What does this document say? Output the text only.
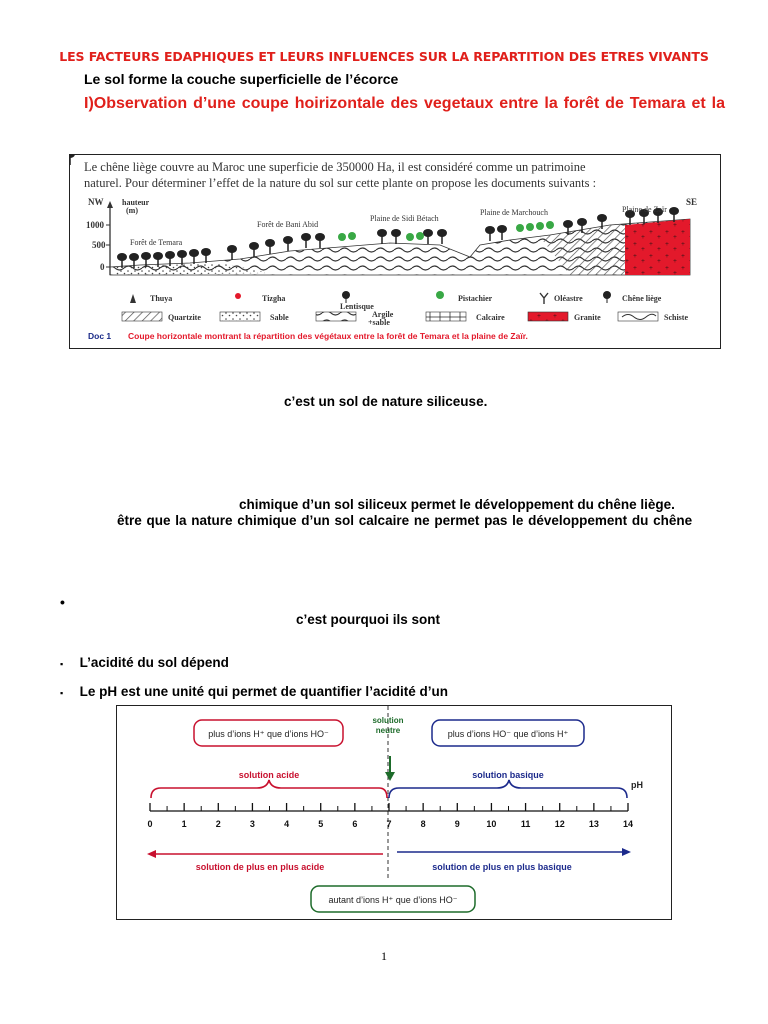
LES FACTEURS EDAPHIQUES ET LEURS INFLUENCES SUR LA REPARTITION DES ETRES VIVANTS
Le sol forme la couche superficielle de l’écorce
I)Observation d’une coupe hoirizontale des vegetaux entre la forêt de Temara et la
Le chêne liège couvre au Maroc une superficie de 350000 Ha, il est considéré comme un patrimoine
naturel. Pour déterminer l’effet de la nature du sol sur cette plante on propose les documents suivants :
NW hauteur
(m)
1000
500
0
SE
Forêt de Temara
Forêt de Bani Abid
Plaine de Sidi Bétach
Plaine de Marchouch	Plaine de Zaïr
Thuya	Tizgha
Lentisque
Pistachier	Oléastre	Chêne liège
Quartzite	Sable	Argile
+sable
Calcaire	Granite	Schiste
Doc 1 Coupe horizontale montrant la répartition des végétaux entre la forêt de Temara et la plaine de Zaïr.
c’est un sol de nature siliceuse.
chimique d’un sol siliceux permet le développement du chêne liège.
être que la nature chimique d’un sol calcaire ne permet pas le développement du chêne
•
c’est pourquoi ils sont
▪ L’acidité du sol dépend
▪ Le pH est une unité qui permet de quantifier l’acidité d’un
plus d’ions H⁺ que d’ions HO⁻	plus d’ions HO⁻ que d’ions H⁺
solution
neutre
solution acide	solution basique
pH
0	1	2	3	4	5	6	7	8	9	10	11	12	13	14
solution de plus en plus acide	solution de plus en plus basique
autant d’ions H⁺ que d’ions HO⁻
1
